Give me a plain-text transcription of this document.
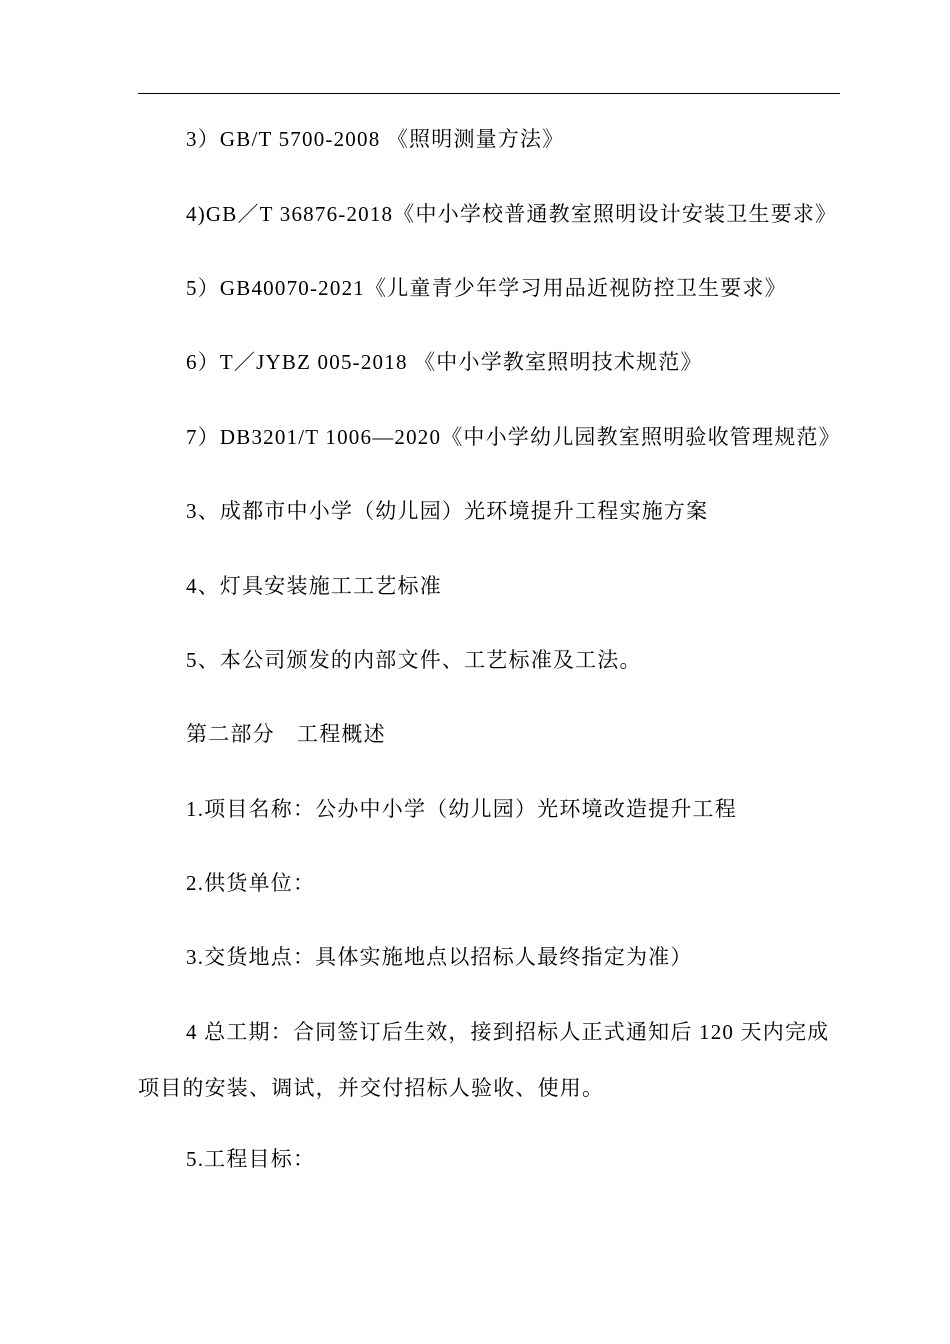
3）GB/T 5700-2008 《照明测量方法》
4)GB／T 36876-2018《中小学校普通教室照明设计安装卫生要求》
5）GB40070-2021《儿童青少年学习用品近视防控卫生要求》
6）T／JYBZ 005-2018 《中小学教室照明技术规范》
7）DB3201/T 1006—2020《中小学幼儿园教室照明验收管理规范》
3、成都市中小学（幼儿园）光环境提升工程实施方案
4、灯具安装施工工艺标准
5、本公司颁发的内部文件、工艺标准及工法。
第二部分　工程概述
1.项目名称：公办中小学（幼儿园）光环境改造提升工程
2.供货单位：
3.交货地点：具体实施地点以招标人最终指定为准）
4 总工期：合同签订后生效，接到招标人正式通知后 120 天内完成
项目的安装、调试，并交付招标人验收、使用。
5.工程目标：
